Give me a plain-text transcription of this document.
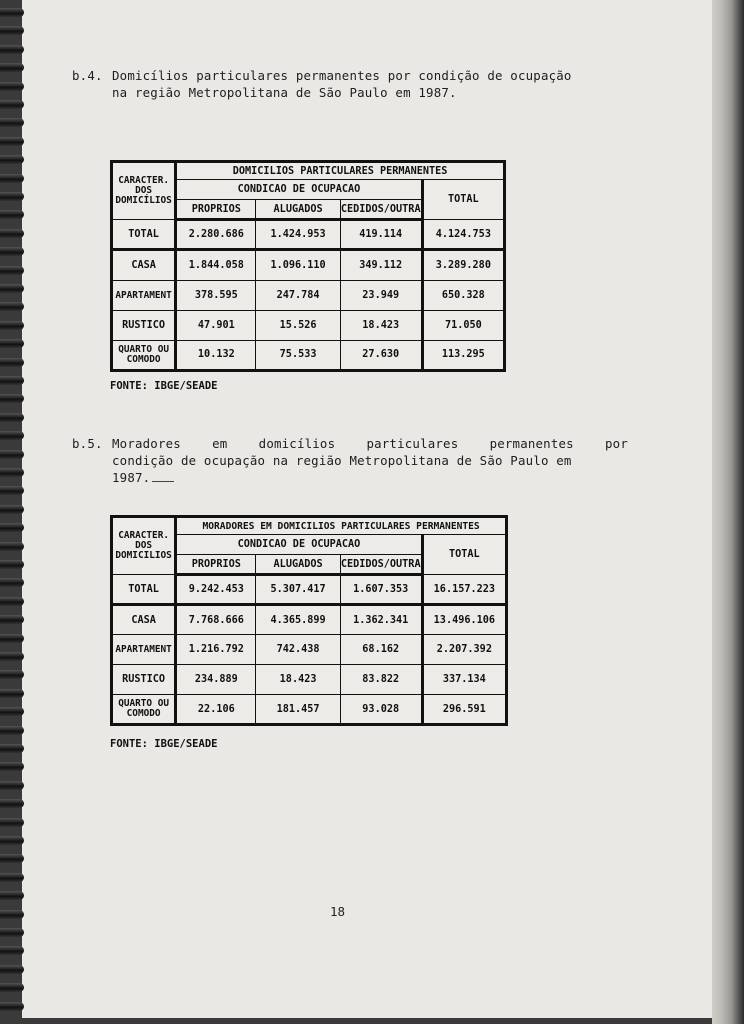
b.4. Domicílios particulares permanentes por condição de ocupação
na região Metropolitana de São Paulo em 1987.
CARACTER.
DOS
DOMICÍLIOS	DOMICILIOS PARTICULARES PERMANENTES			
	CONDICAO DE OCUPACAO			TOTAL
	PROPRIOS	ALUGADOS	CEDIDOS/OUTRA	
TOTAL	2.280.686	1.424.953	419.114	4.124.753
CASA	1.844.058	1.096.110	349.112	3.289.280
APARTAMENT	378.595	247.784	23.949	650.328
RUSTICO	47.901	15.526	18.423	71.050

QUARTO OU
COMODO	10.132	75.533	27.630	113.295
FONTE: IBGE/SEADE
b.5. Moradores	em	domicílios	particulares	permanentes	por
condição de ocupação na região Metropolitana de São Paulo em
1987.
CARACTER.
DOS
DOMICILIOS	MORADORES EM DOMICILIOS PARTICULARES PERMANENTES			
	CONDICAO DE OCUPACAO			TOTAL
	PROPRIOS	ALUGADOS	CEDIDOS/OUTRA	
TOTAL	9.242.453	5.307.417	1.607.353	16.157.223
CASA	7.768.666	4.365.899	1.362.341	13.496.106
APARTAMENT	1.216.792	742.438	68.162	2.207.392
RUSTICO	234.889	18.423	83.822	337.134

QUARTO OU
COMODO	22.106	181.457	93.028	296.591
FONTE: IBGE/SEADE
18
